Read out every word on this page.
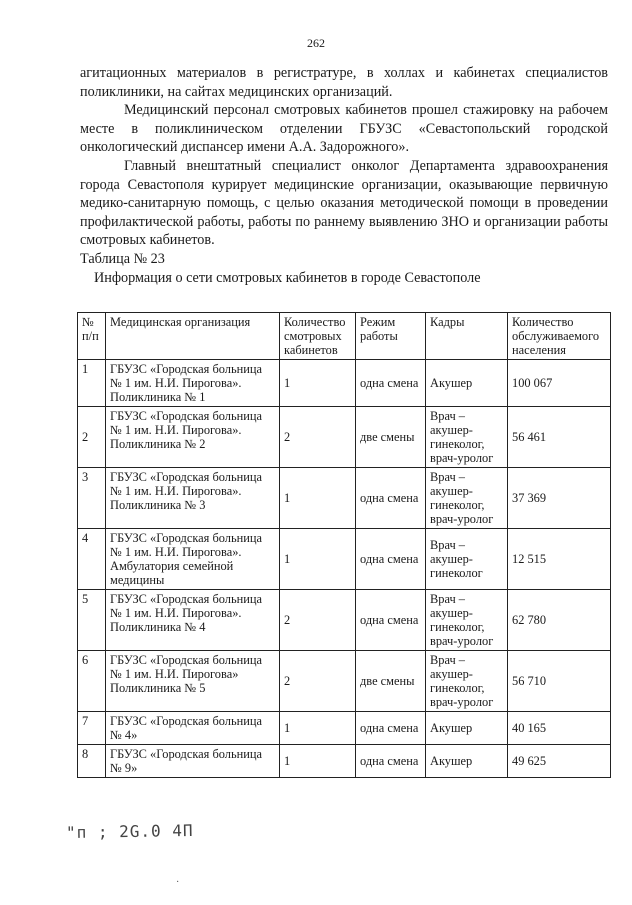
262

агитационных материалов в регистратуре, в холлах и кабинетах специалистов поликлиники, на сайтах медицинских организаций.

Медицинский персонал смотровых кабинетов прошел стажировку на рабочем месте в поликлиническом отделении ГБУЗС «Севастопольский городской онкологический диспансер имени А.А. Задорожного».

Главный внештатный специалист онколог Департамента здравоохранения города Севастополя курирует медицинские организации, оказывающие первичную медико-санитарную помощь, с целью оказания методической помощи в проведении профилактической работы, работы по раннему выявлению ЗНО и организации работы смотровых кабинетов.

Таблица № 23

Информация о сети смотровых кабинетов в городе Севастополе

№ п/п	Медицинская организация	Количество смотровых кабинетов	Режим работы	Кадры	Количество обслуживаемого населения
1	ГБУЗС «Городская больница № 1 им. Н.И. Пирогова». Поликлиника № 1	1	одна смена	Акушер	100 067
2	ГБУЗС «Городская больница № 1 им. Н.И. Пирогова». Поликлиника № 2	2	две смены	Врач – акушер-гинеколог, врач-уролог	56 461
3	ГБУЗС «Городская больница № 1 им. Н.И. Пирогова». Поликлиника № 3	1	одна смена	Врач – акушер-гинеколог, врач-уролог	37 369
4	ГБУЗС «Городская больница № 1 им. Н.И. Пирогова». Амбулатория семейной медицины	1	одна смена	Врач – акушер-гинеколог	12 515
5	ГБУЗС «Городская больница № 1 им. Н.И. Пирогова». Поликлиника № 4	2	одна смена	Врач – акушер-гинеколог, врач-уролог	62 780
6	ГБУЗС «Городская больница № 1 им. Н.И. Пирогова» Поликлиника № 5	2	две смены	Врач – акушер-гинеколог, врач-уролог	56 710
7	ГБУЗС «Городская больница № 4»	1	одна смена	Акушер	40 165
8	ГБУЗС «Городская больница № 9»	1	одна смена	Акушер	49 625
"п ; 2G.0 4П
·
